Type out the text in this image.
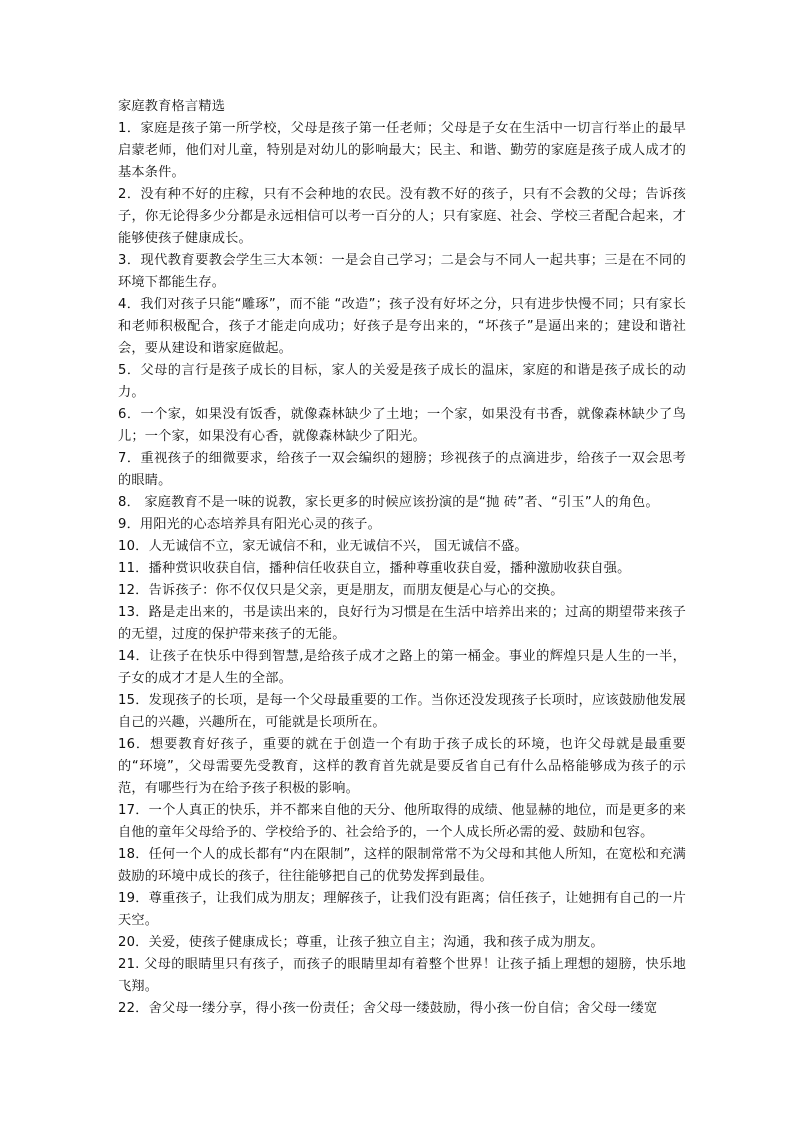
家庭教育格言精选

1．家庭是孩子第一所学校，父母是孩子第一任老师；父母是子女在生活中一切言行举止的最早启蒙老师，他们对儿童，特别是对幼儿的影响最大；民主、和谐、勤劳的家庭是孩子成人成才的基本条件。

2．没有种不好的庄稼，只有不会种地的农民。没有教不好的孩子，只有不会教的父母；告诉孩子，你无论得多少分都是永远相信可以考一百分的人；只有家庭、社会、学校三者配合起来，才能够使孩子健康成长。

3．现代教育要教会学生三大本领：一是会自己学习；二是会与不同人一起共事；三是在不同的环境下都能生存。

4．我们对孩子只能“雕琢”，而不能 “改造”；孩子没有好坏之分，只有进步快慢不同；只有家长和老师积极配合，孩子才能走向成功；好孩子是夸出来的，“坏孩子”是逼出来的；建设和谐社会，要从建设和谐家庭做起。

5．父母的言行是孩子成长的目标，家人的关爱是孩子成长的温床，家庭的和谐是孩子成长的动力。

6．一个家，如果没有饭香，就像森林缺少了土地；一个家，如果没有书香，就像森林缺少了鸟儿；一个家，如果没有心香，就像森林缺少了阳光。

7．重视孩子的细微要求，给孩子一双会编织的翅膀；珍视孩子的点滴进步，给孩子一双会思考的眼睛。

8． 家庭教育不是一味的说教，家长更多的时候应该扮演的是“抛 砖”者、“引玉”人的角色。

9．用阳光的心态培养具有阳光心灵的孩子。

10．人无诚信不立，家无诚信不和，业无诚信不兴， 国无诚信不盛。

11．播种赏识收获自信，播种信任收获自立，播种尊重收获自爱，播种激励收获自强。

12．告诉孩子：你不仅仅只是父亲，更是朋友，而朋友便是心与心的交换。

13．路是走出来的，书是读出来的，良好行为习惯是在生活中培养出来的；过高的期望带来孩子的无望，过度的保护带来孩子的无能。

14．让孩子在快乐中得到智慧,是给孩子成才之路上的第一桶金。事业的辉煌只是人生的一半，子女的成才才是人生的全部。

15．发现孩子的长项，是每一个父母最重要的工作。当你还没发现孩子长项时，应该鼓励他发展自己的兴趣，兴趣所在，可能就是长项所在。

16．想要教育好孩子，重要的就在于创造一个有助于孩子成长的环境，也许父母就是最重要的“环境”，父母需要先受教育，这样的教育首先就是要反省自己有什么品格能够成为孩子的示范，有哪些行为在给予孩子积极的影响。

17．一个人真正的快乐，并不都来自他的天分、他所取得的成绩、他显赫的地位，而是更多的来自他的童年父母给予的、学校给予的、社会给予的，一个人成长所必需的爱、鼓励和包容。

18．任何一个人的成长都有“内在限制”，这样的限制常常不为父母和其他人所知，在宽松和充满鼓励的环境中成长的孩子，往往能够把自己的优势发挥到最佳。

19．尊重孩子，让我们成为朋友；理解孩子，让我们没有距离；信任孩子，让她拥有自己的一片天空。

20．关爱，使孩子健康成长；尊重，让孩子独立自主；沟通，我和孩子成为朋友。

21. 父母的眼睛里只有孩子，而孩子的眼睛里却有着整个世界！让孩子插上理想的翅膀，快乐地飞翔。

22．舍父母一缕分享，得小孩一份责任；舍父母一缕鼓励，得小孩一份自信；舍父母一缕宽
